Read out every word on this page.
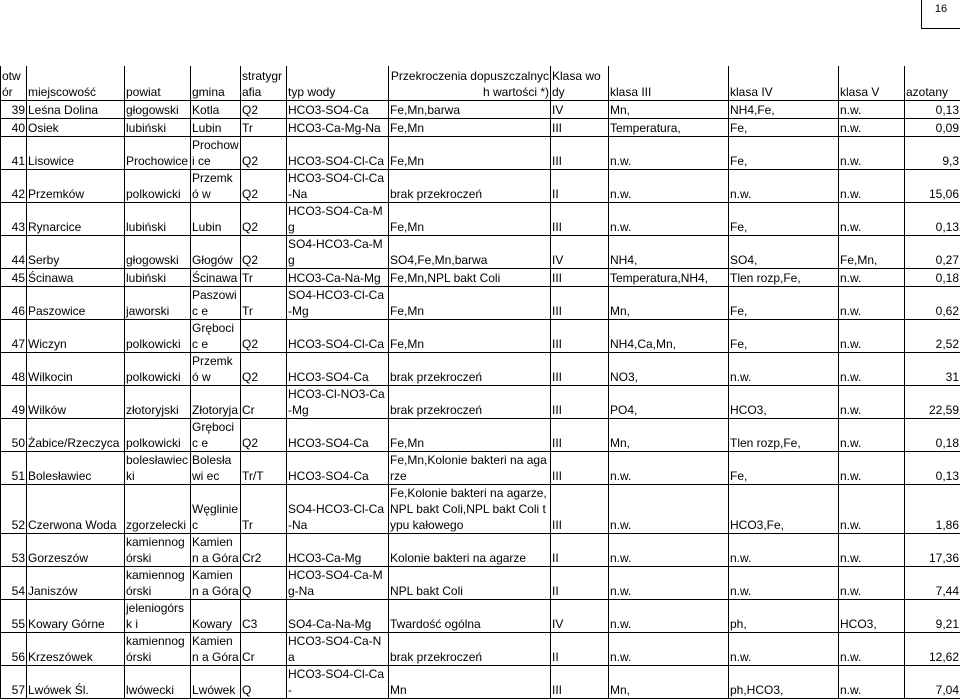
16
otw ór	miejscowość	powiat	gmina	stratygr afia	typ wody	Przekroczenia dopuszczalnych wartości *)	Klasa wody	klasa III	klasa IV	klasa V	azotany
39	Leśna Dolina	głogowski	Kotla	Q2	HCO3-SO4-Ca	Fe,Mn,barwa	IV	Mn,	NH4,Fe,	n.w.	0,13
40	Osiek	lubiński	Lubin	Tr	HCO3-Ca-Mg-Na	Fe,Mn	III	Temperatura,	Fe,	n.w.	0,09
41	Lisowice	Prochowice	Prochowi ce	Q2	HCO3-SO4-Cl-Ca	Fe,Mn	III	n.w.	Fe,	n.w.	9,3
42	Przemków	polkowicki	Przemkó w	Q2	HCO3-SO4-Cl-Ca-Na	brak przekroczeń	II	n.w.	n.w.	n.w.	15,06
43	Rynarcice	lubiński	Lubin	Q2	HCO3-SO4-Ca-Mg	Fe,Mn	III	n.w.	Fe,	n.w.	0,13
44	Serby	głogowski	Głogów	Q2	SO4-HCO3-Ca-Mg	SO4,Fe,Mn,barwa	IV	NH4,	SO4,	Fe,Mn,	0,27
45	Ścinawa	lubiński	Ścinawa	Tr	HCO3-Ca-Na-Mg	Fe,Mn,NPL bakt Coli	III	Temperatura,NH4,	Tlen rozp,Fe,	n.w.	0,18
46	Paszowice	jaworski	Paszowic e	Tr	SO4-HCO3-Cl-Ca-Mg	Fe,Mn	III	Mn,	Fe,	n.w.	0,62
47	Wiczyn	polkowicki	Grębocic e	Q2	HCO3-SO4-Cl-Ca	Fe,Mn	III	NH4,Ca,Mn,	Fe,	n.w.	2,52
48	Wilkocin	polkowicki	Przemkó w	Q2	HCO3-SO4-Ca	brak przekroczeń	III	NO3,	n.w.	n.w.	31
49	Wilków	złotoryjski	Złotoryja	Cr	HCO3-Cl-NO3-Ca-Mg	brak przekroczeń	III	PO4,	HCO3,	n.w.	22,59
50	Żabice/Rzeczyca	polkowicki	Grębocic e	Q2	HCO3-SO4-Ca	Fe,Mn	III	Mn,	Tlen rozp,Fe,	n.w.	0,18
51	Bolesławiec	bolesławiec ki	Bolesławi ec	Tr/T	HCO3-SO4-Ca	Fe,Mn,Kolonie bakteri na agarze	III	n.w.	Fe,	n.w.	0,13
52	Czerwona Woda	zgorzelecki	Węglinie c	Tr	SO4-HCO3-Cl-Ca-Na	Fe,Kolonie bakteri na agarze,NPL bakt Coli,NPL bakt Coli typu kałowego	III	n.w.	HCO3,Fe,	n.w.	1,86
53	Gorzeszów	kamiennog órski	Kamienn a Góra	Cr2	HCO3-Ca-Mg	Kolonie bakteri na agarze	II	n.w.	n.w.	n.w.	17,36
54	Janiszów	kamiennog órski	Kamienn a Góra	Q	HCO3-SO4-Ca-Mg-Na	NPL bakt Coli	II	n.w.	n.w.	n.w.	7,44
55	Kowary Górne	jeleniogórsk i	Kowary	C3	SO4-Ca-Na-Mg	Twardość ogólna	IV	n.w.	ph,	HCO3,	9,21
56	Krzeszówek	kamiennog órski	Kamienn a Góra	Cr	HCO3-SO4-Ca-Na	brak przekroczeń	II	n.w.	n.w.	n.w.	12,62
57	Lwówek Śl.	lwówecki	Lwówek	Q	HCO3-SO4-Cl-Ca-	Mn	III	Mn,	ph,HCO3,	n.w.	7,04
